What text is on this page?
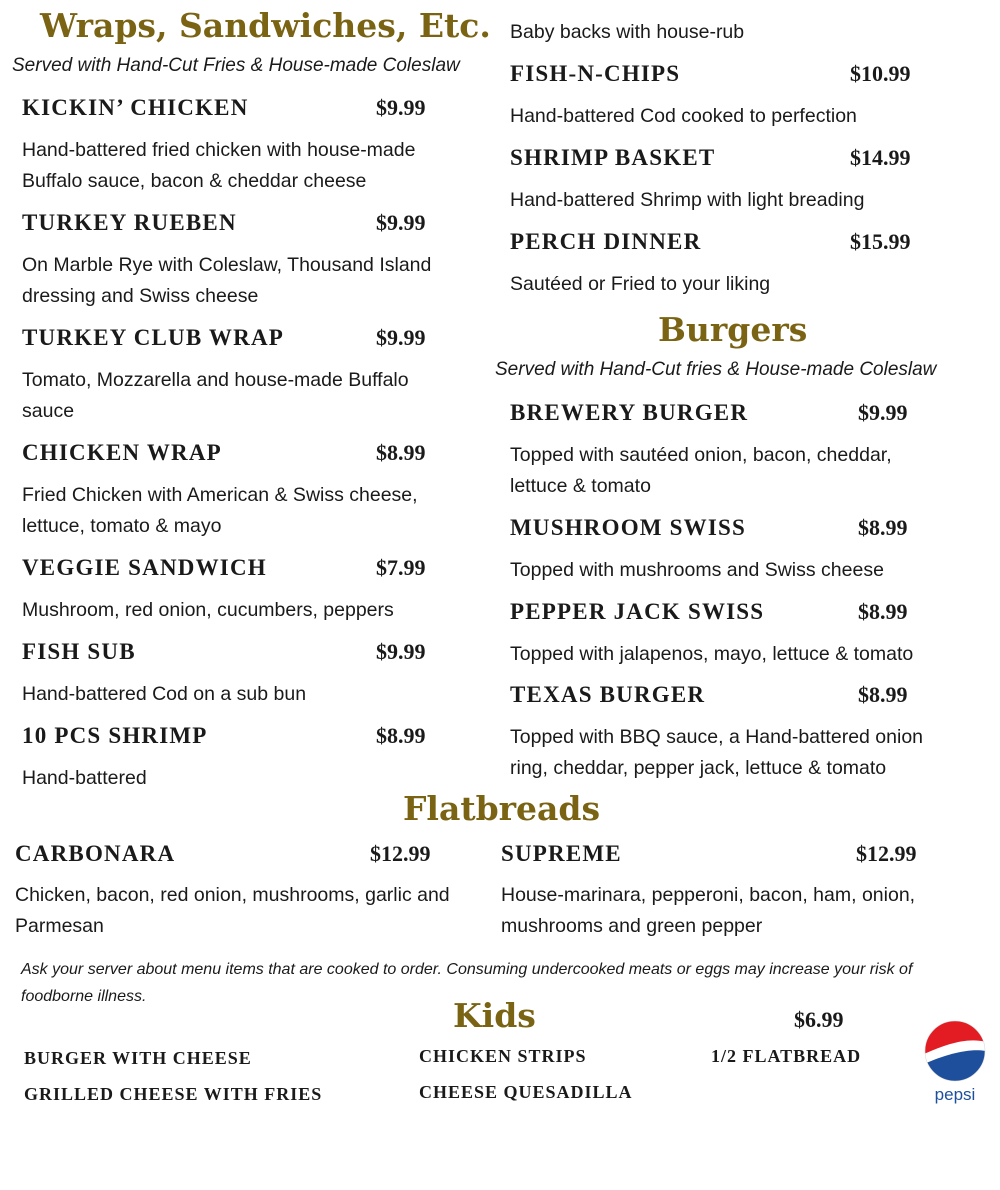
Wraps, Sandwiches, Etc.
Served with Hand-Cut Fries & House-made Coleslaw
KICKIN’ CHICKEN	$9.99
Hand-battered fried chicken with house-made Buffalo sauce, bacon & cheddar cheese
TURKEY RUEBEN	$9.99
On Marble Rye with Coleslaw, Thousand Island dressing and Swiss cheese
TURKEY CLUB WRAP	$9.99
Tomato, Mozzarella and house-made Buffalo sauce
CHICKEN WRAP	$8.99
Fried Chicken with American & Swiss cheese, lettuce, tomato & mayo
VEGGIE SANDWICH	$7.99
Mushroom, red onion, cucumbers, peppers
FISH SUB	$9.99
Hand-battered Cod on a sub bun
10 PCS SHRIMP	$8.99
Hand-battered
Baby backs with house-rub
FISH-N-CHIPS	$10.99
Hand-battered Cod cooked to perfection
SHRIMP BASKET	$14.99
Hand-battered Shrimp with light breading
PERCH DINNER	$15.99
Sautéed or Fried to your liking
Burgers
Served with Hand-Cut fries & House-made Coleslaw
BREWERY BURGER	$9.99
Topped with sautéed onion, bacon, cheddar, lettuce & tomato
MUSHROOM SWISS	$8.99
Topped with mushrooms and Swiss cheese
PEPPER JACK SWISS	$8.99
Topped with jalapenos, mayo, lettuce & tomato
TEXAS BURGER	$8.99
Topped with BBQ sauce, a Hand-battered onion ring, cheddar, pepper jack, lettuce & tomato
Flatbreads
CARBONARA	$12.99
Chicken, bacon, red onion, mushrooms, garlic and Parmesan
SUPREME	$12.99
House-marinara, pepperoni, bacon, ham, onion, mushrooms and green pepper
Ask your server about menu items that are cooked to order. Consuming undercooked meats or eggs may increase your risk of foodborne illness.	Kids	$6.99
BURGER WITH CHEESE
GRILLED CHEESE WITH FRIES
CHICKEN STRIPS
CHEESE QUESADILLA
1/2 FLATBREAD
pepsi
